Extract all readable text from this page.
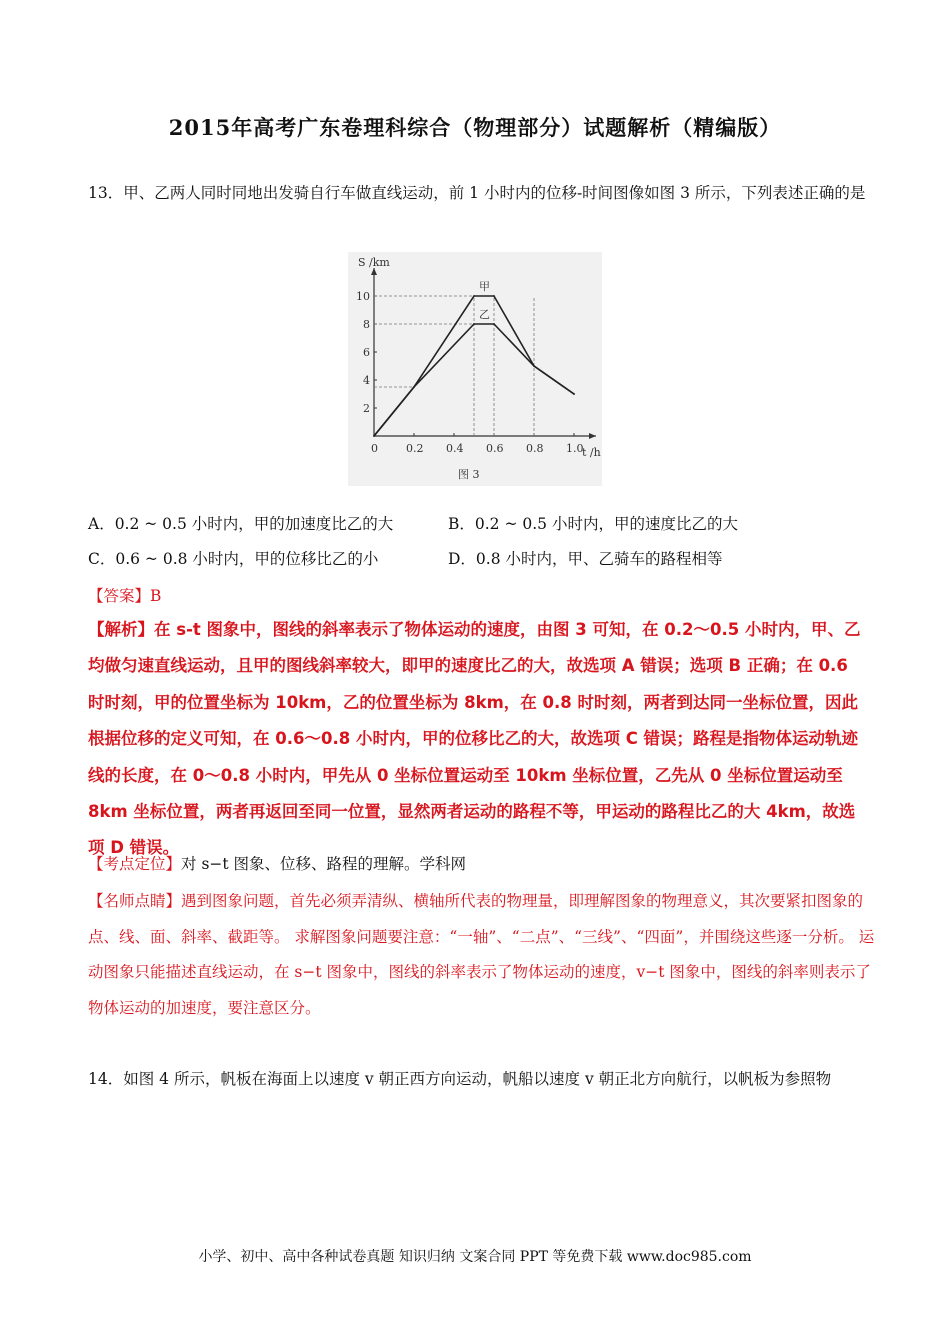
2015年高考广东卷理科综合（物理部分）试题解析（精编版）
13．甲、乙两人同时同地出发骑自行车做直线运动，前 1 小时内的位移-时间图像如图 3 所示，下列表述正确的是
S /km
t /h
0	0.2 0.4 0.6 0.8 1.0
2
4
6
8
10
甲
乙
图 3
A．0.2 ~ 0.5 小时内，甲的加速度比乙的大	B．0.2 ~ 0.5 小时内，甲的速度比乙的大
C．0.6 ~ 0.8 小时内，甲的位移比乙的小	D．0.8 小时内，甲、乙骑车的路程相等
【答案】B
【解析】在 s-t 图象中，图线的斜率表示了物体运动的速度，由图 3 可知，在 0.2～0.5 小时内，甲、乙均做匀速直线运动，且甲的图线斜率较大，即甲的速度比乙的大，故选项 A 错误；选项 B 正确；在 0.6 时时刻，甲的位置坐标为 10km，乙的位置坐标为 8km，在 0.8 时时刻，两者到达同一坐标位置，因此根据位移的定义可知，在 0.6～0.8 小时内，甲的位移比乙的大，故选项 C 错误；路程是指物体运动轨迹线的长度，在 0～0.8 小时内，甲先从 0 坐标位置运动至 10km 坐标位置，乙先从 0 坐标位置运动至 8km 坐标位置，两者再返回至同一位置，显然两者运动的路程不等，甲运动的路程比乙的大 4km，故选项 D 错误。
【考点定位】对 s−t 图象、位移、路程的理解。学科网
【名师点睛】遇到图象问题，首先必须弄清纵、横轴所代表的物理量，即理解图象的物理意义，其次要紧扣图象的点、线、面、斜率、截距等。 求解图象问题要注意：“一轴”、“二点”、“三线”、“四面”，并围绕这些逐一分析。 运动图象只能描述直线运动，在 s−t 图象中，图线的斜率表示了物体运动的速度，v−t 图象中，图线的斜率则表示了物体运动的加速度，要注意区分。
14．如图 4 所示，帆板在海面上以速度 v 朝正西方向运动，帆船以速度 v 朝正北方向航行，以帆板为参照物
小学、初中、高中各种试卷真题 知识归纳 文案合同 PPT 等免费下载 www.doc985.com
